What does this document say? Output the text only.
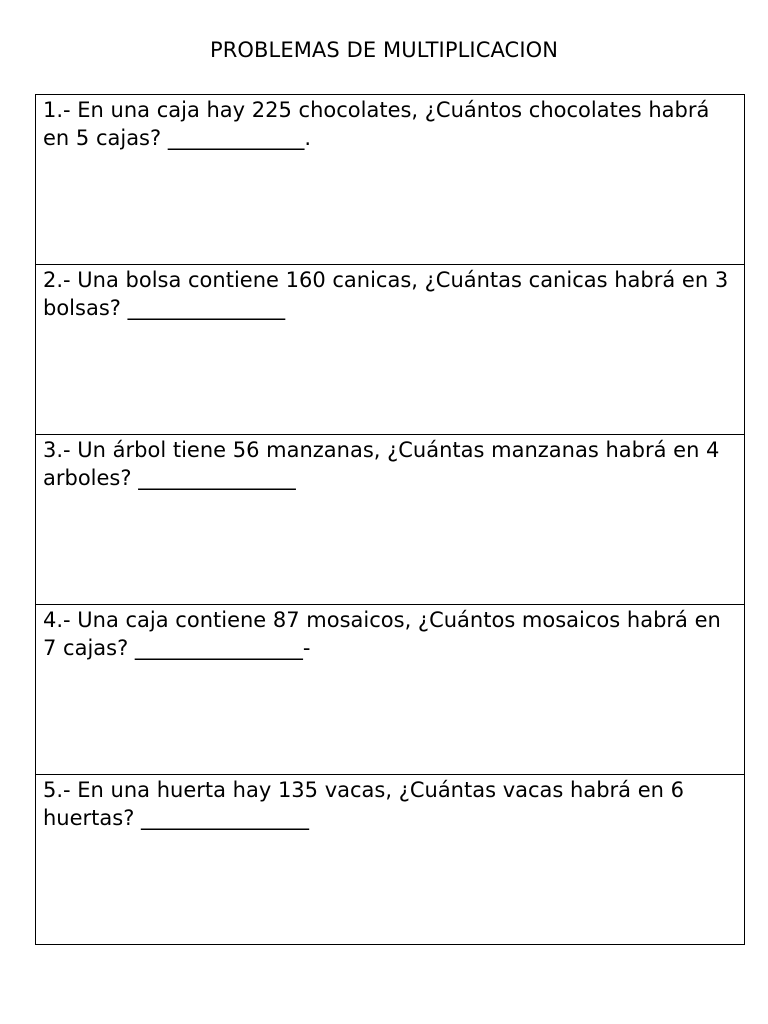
PROBLEMAS DE MULTIPLICACION
1.- En una caja hay 225 chocolates, ¿Cuántos chocolates habrá en 5 cajas? _____________.
2.- Una bolsa contiene 160 canicas, ¿Cuántas canicas habrá en 3 bolsas? _______________
3.- Un árbol tiene 56 manzanas, ¿Cuántas manzanas habrá en 4 arboles? _______________
4.- Una caja contiene 87 mosaicos, ¿Cuántos mosaicos habrá en 7 cajas? ________________-
5.- En una huerta hay 135 vacas, ¿Cuántas vacas habrá en 6 huertas? ________________
